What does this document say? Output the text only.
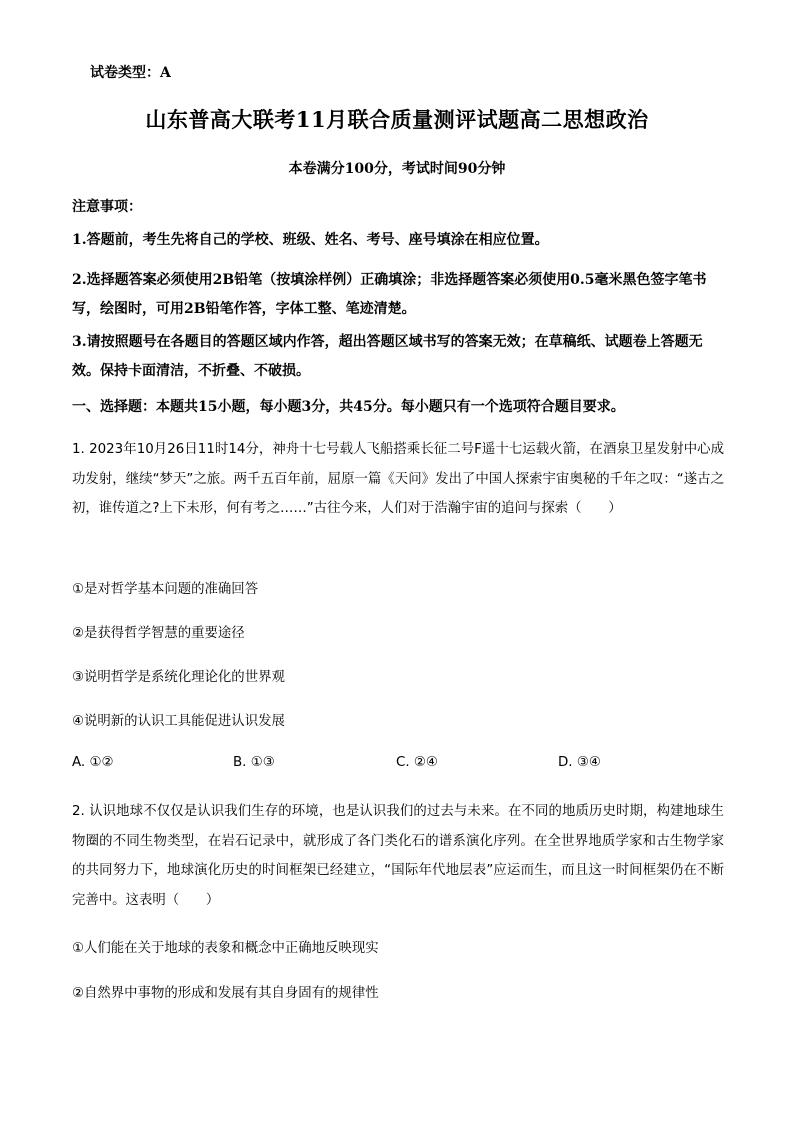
试卷类型：A
山东普高大联考11月联合质量测评试题高二思想政治
本卷满分100分，考试时间90分钟
注意事项：
1.答题前，考生先将自己的学校、班级、姓名、考号、座号填涂在相应位置。
2.选择题答案必须使用2B铅笔（按填涂样例）正确填涂；非选择题答案必须使用0.5毫米黑色签字笔书写，绘图时，可用2B铅笔作答，字体工整、笔迹清楚。
3.请按照题号在各题目的答题区域内作答，超出答题区域书写的答案无效；在草稿纸、试题卷上答题无效。保持卡面清洁，不折叠、不破损。
一、选择题：本题共15小题，每小题3分，共45分。每小题只有一个选项符合题目要求。
1. 2023年10月26日11时14分，神舟十七号载人飞船搭乘长征二号F遥十七运载火箭，在酒泉卫星发射中心成功发射，继续“梦天”之旅。两千五百年前，屈原一篇《天问》发出了中国人探索宇宙奥秘的千年之叹：“遂古之初，谁传道之?上下未形，何有考之……”古往今来，人们对于浩瀚宇宙的追问与探索（　　）
①是对哲学基本问题的准确回答
②是获得哲学智慧的重要途径
③说明哲学是系统化理论化的世界观
④说明新的认识工具能促进认识发展
A. ①②	B. ①③	C. ②④	D. ③④
2. 认识地球不仅仅是认识我们生存的环境，也是认识我们的过去与未来。在不同的地质历史时期，构建地球生物圈的不同生物类型，在岩石记录中，就形成了各门类化石的谱系演化序列。在全世界地质学家和古生物学家的共同努力下，地球演化历史的时间框架已经建立，“国际年代地层表”应运而生，而且这一时间框架仍在不断完善中。这表明（　　）
①人们能在关于地球的表象和概念中正确地反映现实
②自然界中事物的形成和发展有其自身固有的规律性
